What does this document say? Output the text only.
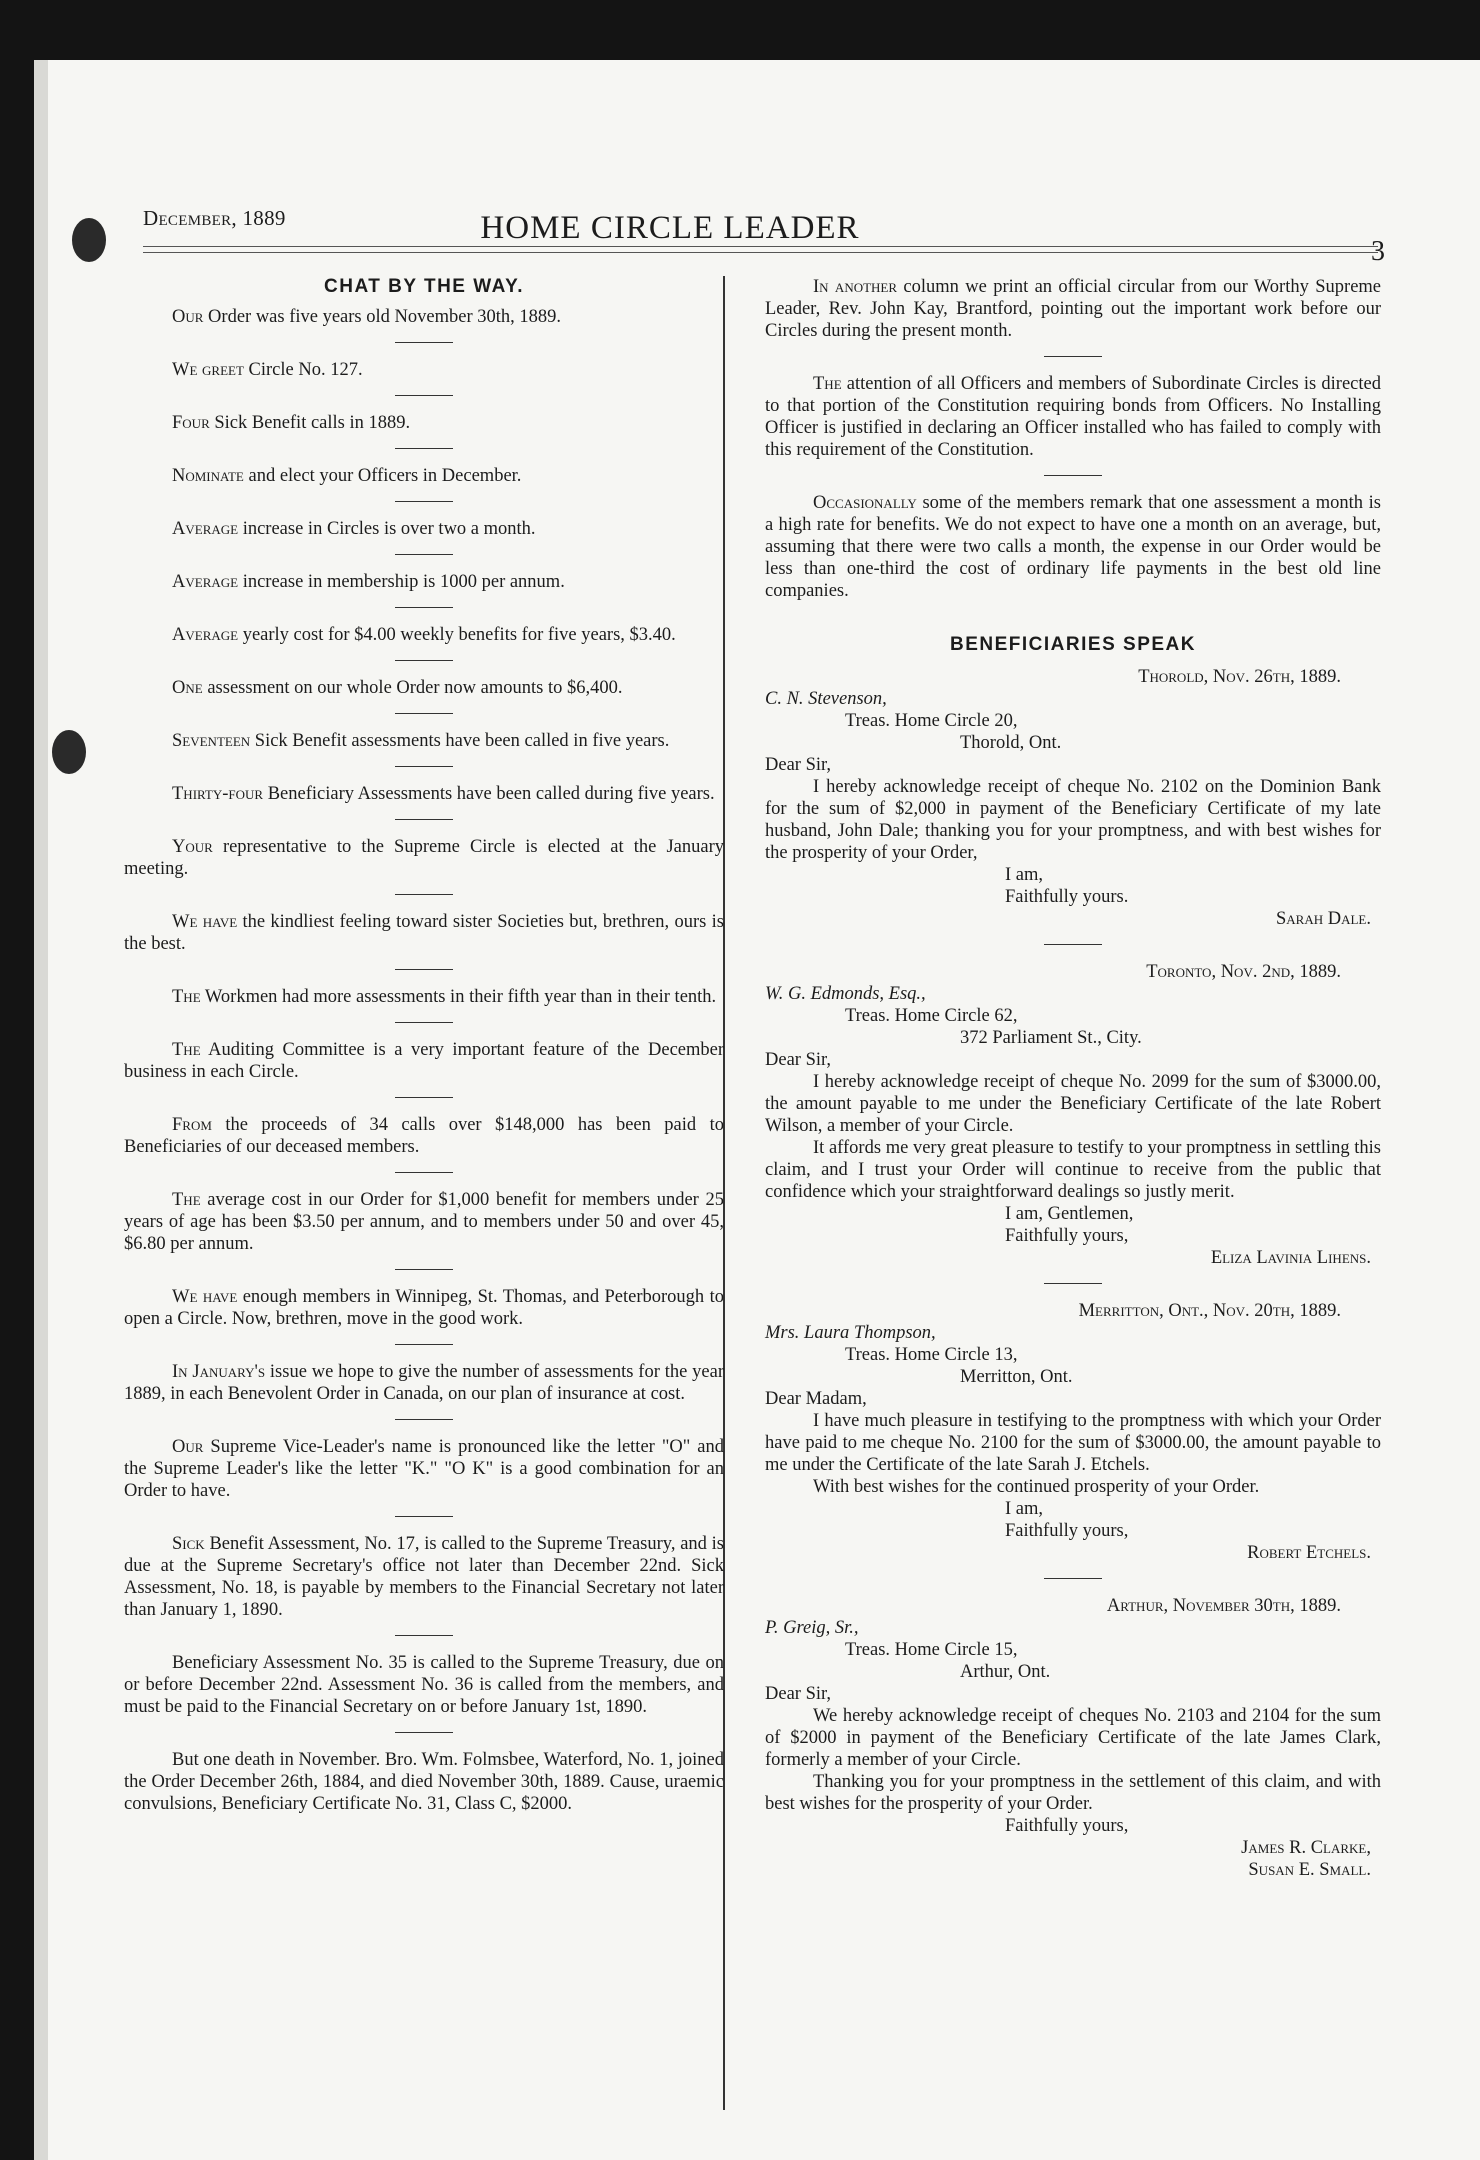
December, 1889	HOME CIRCLE LEADER
3
CHAT BY THE WAY.

Our Order was five years old November 30th, 1889.

We greet Circle No. 127.

Four Sick Benefit calls in 1889.

Nominate and elect your Officers in December.

Average increase in Circles is over two a month.

Average increase in membership is 1000 per annum.

Average yearly cost for $4.00 weekly benefits for five years, $3.40.

One assessment on our whole Order now amounts to $6,400.

Seventeen Sick Benefit assessments have been called in five years.

Thirty-four Beneficiary Assessments have been called during five years.

Your representative to the Supreme Circle is elected at the January meeting.

We have the kindliest feeling toward sister Societies but, brethren, ours is the best.

The Workmen had more assessments in their fifth year than in their tenth.

The Auditing Committee is a very important feature of the December business in each Circle.

From the proceeds of 34 calls over $148,000 has been paid to Beneficiaries of our deceased members.

The average cost in our Order for $1,000 benefit for members under 25 years of age has been $3.50 per annum, and to members under 50 and over 45, $6.80 per annum.

We have enough members in Winnipeg, St. Thomas, and Peterborough to open a Circle. Now, brethren, move in the good work.

In January's issue we hope to give the number of assessments for the year 1889, in each Benevolent Order in Canada, on our plan of insurance at cost.

Our Supreme Vice-Leader's name is pronounced like the letter "O" and the Supreme Leader's like the letter "K." "O K" is a good combination for an Order to have.

Sick Benefit Assessment, No. 17, is called to the Supreme Treasury, and is due at the Supreme Secretary's office not later than December 22nd. Sick Assessment, No. 18, is payable by members to the Financial Secretary not later than January 1, 1890.

Beneficiary Assessment No. 35 is called to the Supreme Treasury, due on or before December 22nd. Assessment No. 36 is called from the members, and must be paid to the Financial Secretary on or before January 1st, 1890.

But one death in November. Bro. Wm. Folmsbee, Waterford, No. 1, joined the Order December 26th, 1884, and died November 30th, 1889. Cause, uraemic convulsions, Beneficiary Certificate No. 31, Class C, $2000.

In another column we print an official circular from our Worthy Supreme Leader, Rev. John Kay, Brantford, pointing out the important work before our Circles during the present month.

The attention of all Officers and members of Subordinate Circles is directed to that portion of the Constitution requiring bonds from Officers. No Installing Officer is justified in declaring an Officer installed who has failed to comply with this requirement of the Constitution.

Occasionally some of the members remark that one assessment a month is a high rate for benefits. We do not expect to have one a month on an average, but, assuming that there were two calls a month, the expense in our Order would be less than one-third the cost of ordinary life payments in the best old line companies.

BENEFICIARIES SPEAK

Thorold, Nov. 26th, 1889.

C. N. Stevenson,

Treas. Home Circle 20,

Thorold, Ont.

Dear Sir,

I hereby acknowledge receipt of cheque No. 2102 on the Dominion Bank for the sum of $2,000 in payment of the Beneficiary Certificate of my late husband, John Dale; thanking you for your promptness, and with best wishes for the prosperity of your Order,

I am,

Faithfully yours.

Sarah Dale.

Toronto, Nov. 2nd, 1889.

W. G. Edmonds, Esq.,

Treas. Home Circle 62,

372 Parliament St., City.

Dear Sir,

I hereby acknowledge receipt of cheque No. 2099 for the sum of $3000.00, the amount payable to me under the Beneficiary Certificate of the late Robert Wilson, a member of your Circle.

It affords me very great pleasure to testify to your promptness in settling this claim, and I trust your Order will continue to receive from the public that confidence which your straightforward dealings so justly merit.

I am, Gentlemen,

Faithfully yours,

Eliza Lavinia Lihens.

Merritton, Ont., Nov. 20th, 1889.

Mrs. Laura Thompson,

Treas. Home Circle 13,

Merritton, Ont.

Dear Madam,

I have much pleasure in testifying to the promptness with which your Order have paid to me cheque No. 2100 for the sum of $3000.00, the amount payable to me under the Certificate of the late Sarah J. Etchels.

With best wishes for the continued prosperity of your Order.

I am,

Faithfully yours,

Robert Etchels.

Arthur, November 30th, 1889.

P. Greig, Sr.,

Treas. Home Circle 15,

Arthur, Ont.

Dear Sir,

We hereby acknowledge receipt of cheques No. 2103 and 2104 for the sum of $2000 in payment of the Beneficiary Certificate of the late James Clark, formerly a member of your Circle.

Thanking you for your promptness in the settlement of this claim, and with best wishes for the prosperity of your Order.

Faithfully yours,

James R. Clarke,

Susan E. Small.
